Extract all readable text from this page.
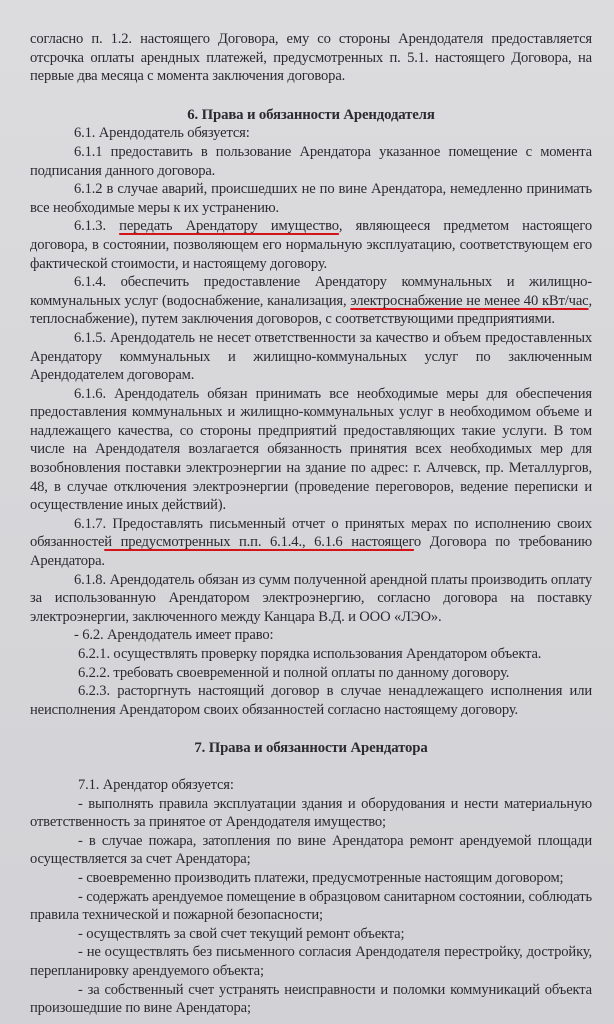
согласно п. 1.2. настоящего Договора, ему со стороны Арендодателя предоставляется отсрочка оплаты арендных платежей, предусмотренных п. 5.1. настоящего Договора, на первые два месяца с момента заключения договора.

6. Права и обязанности Арендодателя

6.1. Арендодатель обязуется:

6.1.1 предоставить в пользование Арендатора указанное помещение с момента подписания данного договора.

6.1.2 в случае аварий, происшедших не по вине Арендатора, немедленно принимать все необходимые меры к их устранению.

6.1.3. передать Арендатору имущество, являющееся предметом настоящего договора, в состоянии, позволяющем его нормальную эксплуатацию, соответствующем его фактической стоимости, и настоящему договору.

6.1.4. обеспечить предоставление Арендатору коммунальных и жилищно-коммунальных услуг (водоснабжение, канализация, электроснабжение не менее 40 кВт/час, теплоснабжение), путем заключения договоров, с соответствующими предприятиями.

6.1.5. Арендодатель не несет ответственности за качество и объем предоставленных Арендатору коммунальных и жилищно-коммунальных услуг по заключенным Арендодателем договорам.

6.1.6. Арендодатель обязан принимать все необходимые меры для обеспечения предоставления коммунальных и жилищно-коммунальных услуг в необходимом объеме и надлежащего качества, со стороны предприятий предоставляющих такие услуги. В том числе на Арендодателя возлагается обязанность принятия всех необходимых мер для возобновления поставки электроэнергии на здание по адрес: г. Алчевск, пр. Металлургов, 48, в случае отключения электроэнергии (проведение переговоров, ведение переписки и осуществление иных действий).

6.1.7. Предоставлять письменный отчет о принятых мерах по исполнению своих обязанностей предусмотренных п.п. 6.1.4., 6.1.6 настоящего Договора по требованию Арендатора.

6.1.8. Арендодатель обязан из сумм полученной арендной платы производить оплату за использованную Арендатором электроэнергию, согласно договора на поставку электроэнергии, заключенного между Канцара В.Д. и ООО «ЛЭО».

- 6.2. Арендодатель имеет право:

6.2.1. осуществлять проверку порядка использования Арендатором объекта.

6.2.2. требовать своевременной и полной оплаты по данному договору.

6.2.3. расторгнуть настоящий договор в случае ненадлежащего исполнения или неисполнения Арендатором своих обязанностей согласно настоящему договору.

7. Права и обязанности Арендатора

7.1. Арендатор обязуется:

- выполнять правила эксплуатации здания и оборудования и нести материальную ответственность за принятое от Арендодателя имущество;

- в случае пожара, затопления по вине Арендатора ремонт арендуемой площади осуществляется за счет Арендатора;

- своевременно производить платежи, предусмотренные настоящим договором;

- содержать арендуемое помещение в образцовом санитарном состоянии, соблюдать правила технической и пожарной безопасности;

- осуществлять за свой счет текущий ремонт объекта;

- не осуществлять без письменного согласия Арендодателя перестройку, достройку, перепланировку арендуемого объекта;

- за собственный счет устранять неисправности и поломки коммуникаций объекта произошедшие по вине Арендатора;
